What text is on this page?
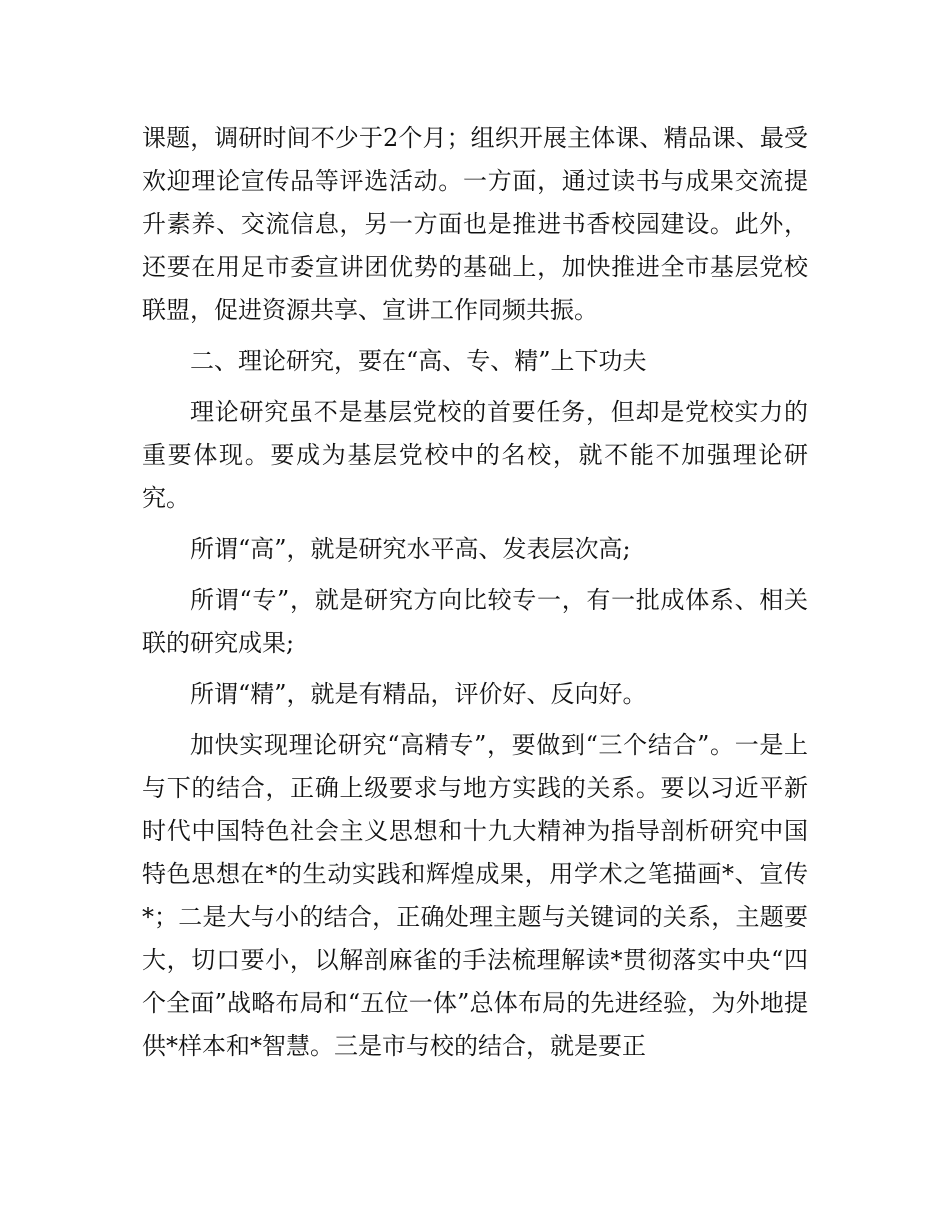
课题，调研时间不少于2个月；组织开展主体课、精品课、最受欢迎理论宣传品等评选活动。一方面，通过读书与成果交流提升素养、交流信息，另一方面也是推进书香校园建设。此外，还要在用足市委宣讲团优势的基础上，加快推进全市基层党校联盟，促进资源共享、宣讲工作同频共振。

二、理论研究，要在“高、专、精”上下功夫

理论研究虽不是基层党校的首要任务，但却是党校实力的重要体现。要成为基层党校中的名校，就不能不加强理论研究。

所谓“高”，就是研究水平高、发表层次高;

所谓“专”，就是研究方向比较专一，有一批成体系、相关联的研究成果;

所谓“精”，就是有精品，评价好、反向好。

加快实现理论研究“高精专”，要做到“三个结合”。一是上与下的结合，正确上级要求与地方实践的关系。要以习近平新时代中国特色社会主义思想和十九大精神为指导剖析研究中国特色思想在*的生动实践和辉煌成果，用学术之笔描画*、宣传*；二是大与小的结合，正确处理主题与关键词的关系，主题要大，切口要小，以解剖麻雀的手法梳理解读*贯彻落实中央“四个全面”战略布局和“五位一体”总体布局的先进经验，为外地提供*样本和*智慧。三是市与校的结合，就是要正
